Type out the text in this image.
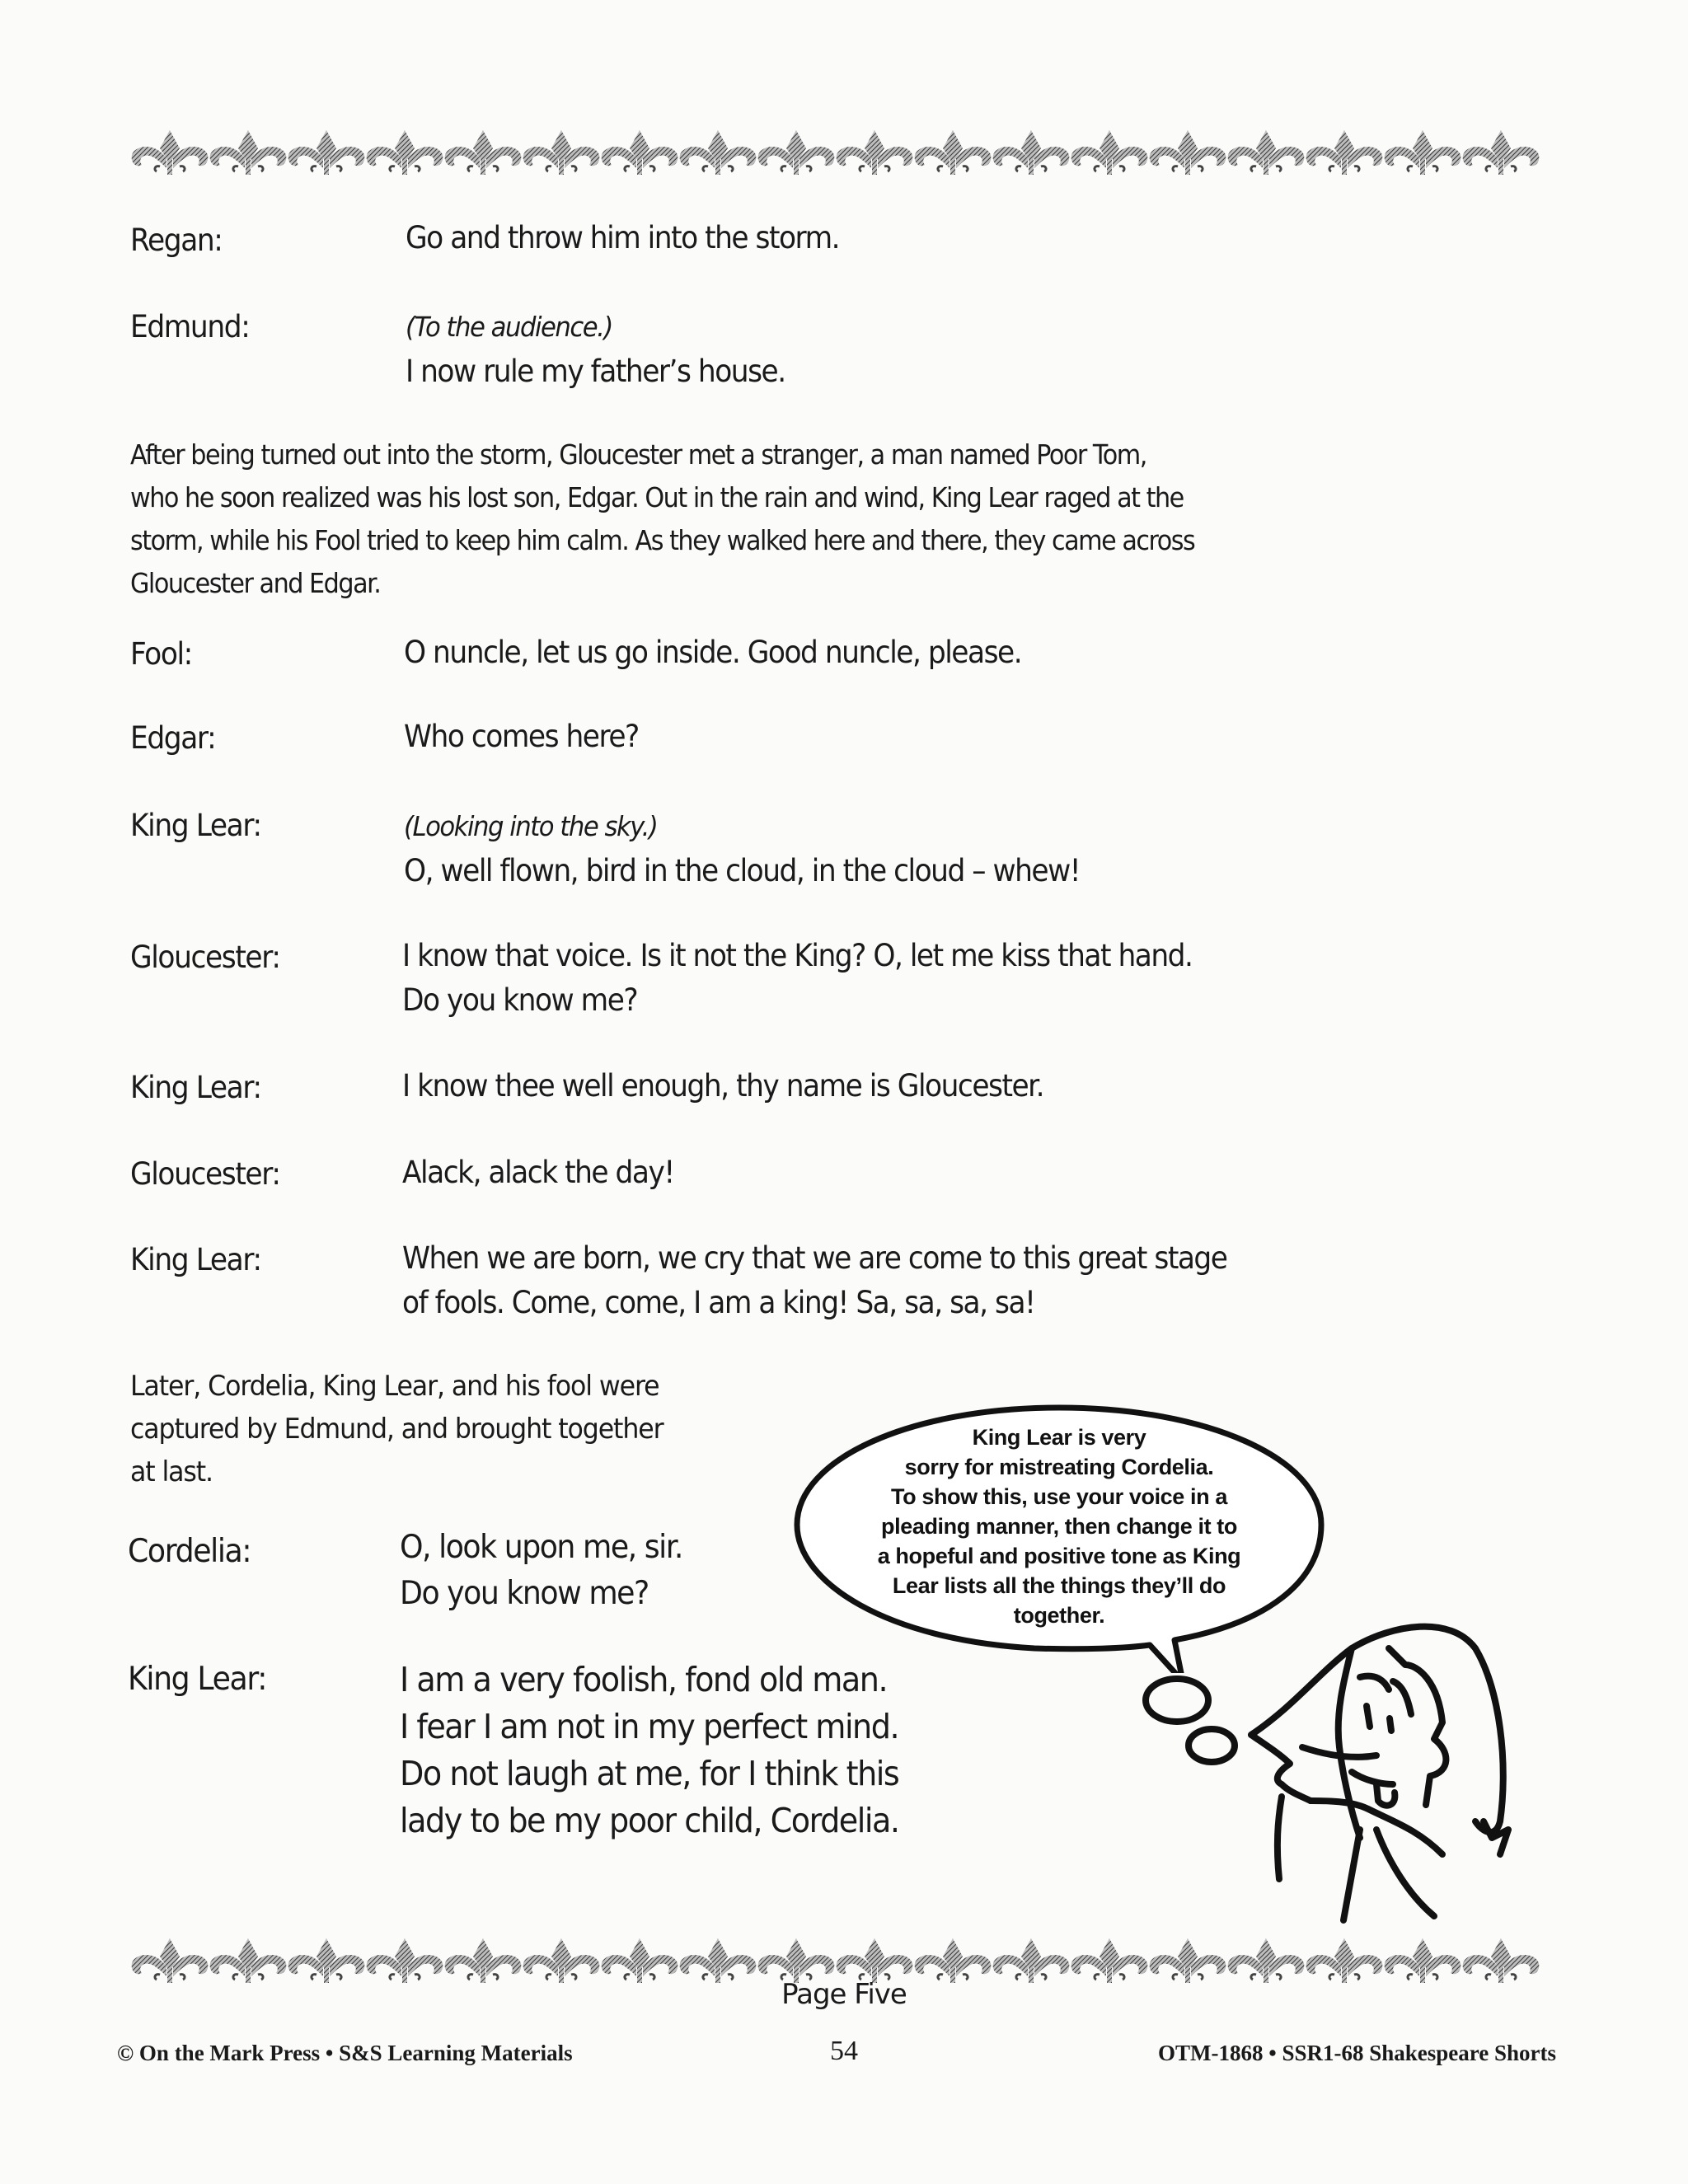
Regan:	Go and throw him into the storm.
Edmund:	(To the audience.)
I now rule my father’s house.
After being turned out into the storm, Gloucester met a stranger, a man named Poor Tom,
who he soon realized was his lost son, Edgar. Out in the rain and wind, King Lear raged at the
storm, while his Fool tried to keep him calm. As they walked here and there, they came across
Gloucester and Edgar.
Fool:	O nuncle, let us go inside. Good nuncle, please.
Edgar:	Who comes here?
King Lear:	(Looking into the sky.)
O, well flown, bird in the cloud, in the cloud – whew!
Gloucester:	I know that voice. Is it not the King? O, let me kiss that hand.
Do you know me?
King Lear:	I know thee well enough, thy name is Gloucester.
Gloucester:	Alack, alack the day!
King Lear:	When we are born, we cry that we are come to this great stage
of fools. Come, come, I am a king! Sa, sa, sa, sa!
Later, Cordelia, King Lear, and his fool were
captured by Edmund, and brought together
at last.
Cordelia:	O, look upon me, sir.
Do you know me?
King Lear:	I am a very foolish, fond old man.
I fear I am not in my perfect mind.
Do not laugh at me, for I think this
lady to be my poor child, Cordelia.
King Lear is very
sorry for mistreating Cordelia.
To show this, use your voice in a
pleading manner, then change it to
a hopeful and positive tone as King
Lear lists all the things they’ll do
together.
Page Five
© On the Mark Press • S&S Learning Materials	54	OTM-1868 • SSR1-68 Shakespeare Shorts
